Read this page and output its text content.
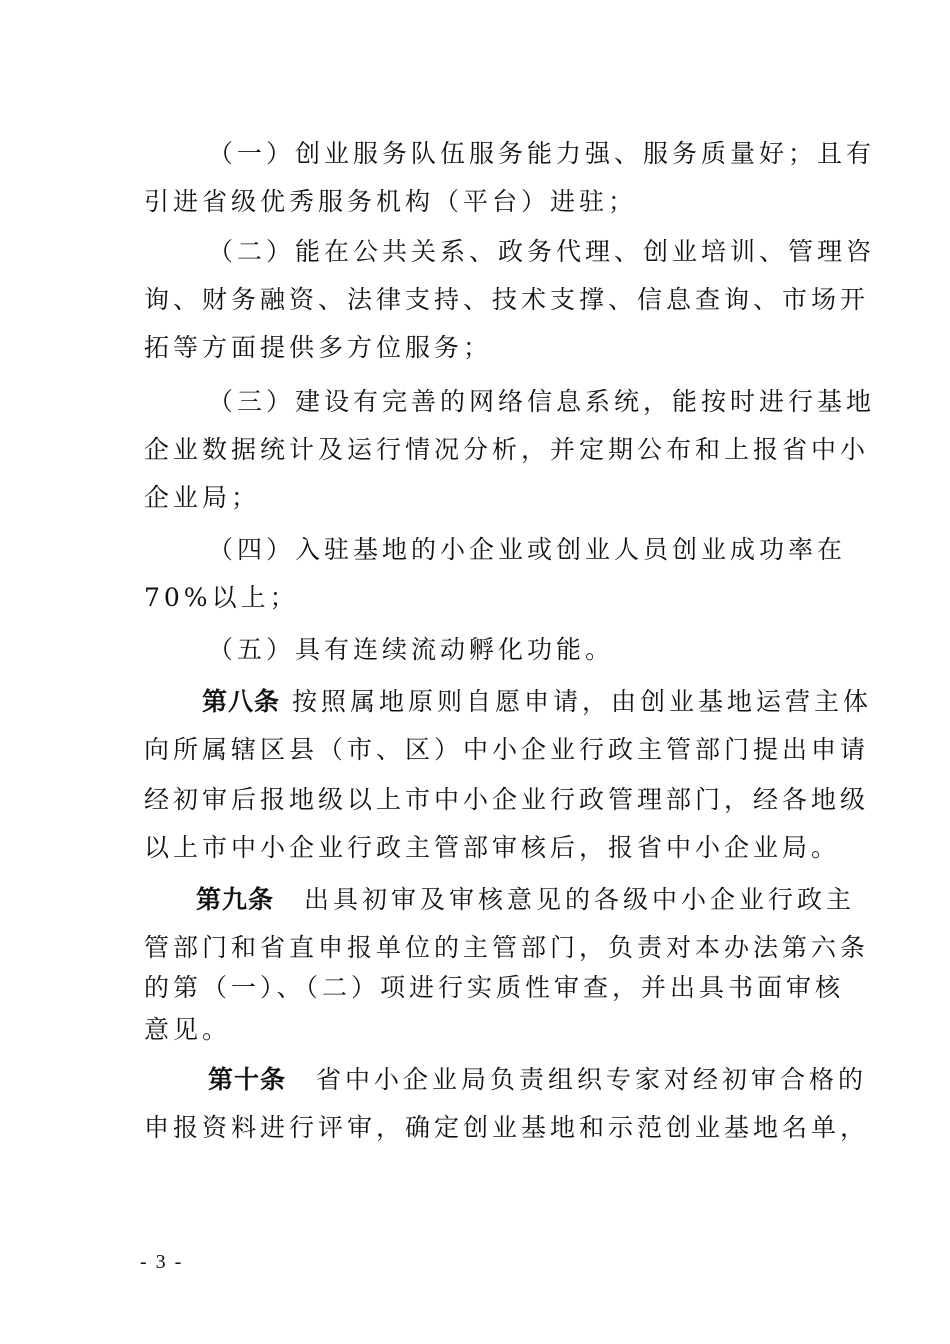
（一）创业服务队伍服务能力强、服务质量好；且有
引进省级优秀服务机构（平台）进驻；
（二）能在公共关系、政务代理、创业培训、管理咨
询、财务融资、法律支持、技术支撑、信息查询、市场开
拓等方面提供多方位服务；
（三）建设有完善的网络信息系统，能按时进行基地
企业数据统计及运行情况分析，并定期公布和上报省中小
企业局；
（四）入驻基地的小企业或创业人员创业成功率在
70%以上；
（五）具有连续流动孵化功能。
第八条 按照属地原则自愿申请，由创业基地运营主体
向所属辖区县（市、区）中小企业行政主管部门提出申请
经初审后报地级以上市中小企业行政管理部门，经各地级
以上市中小企业行政主管部审核后，报省中小企业局。
第九条 出具初审及审核意见的各级中小企业行政主
管部门和省直申报单位的主管部门，负责对本办法第六条
的第（一）、（二）项进行实质性审查，并出具书面审核
意见。
第十条 省中小企业局负责组织专家对经初审合格的
申报资料进行评审，确定创业基地和示范创业基地名单，
- 3 -
